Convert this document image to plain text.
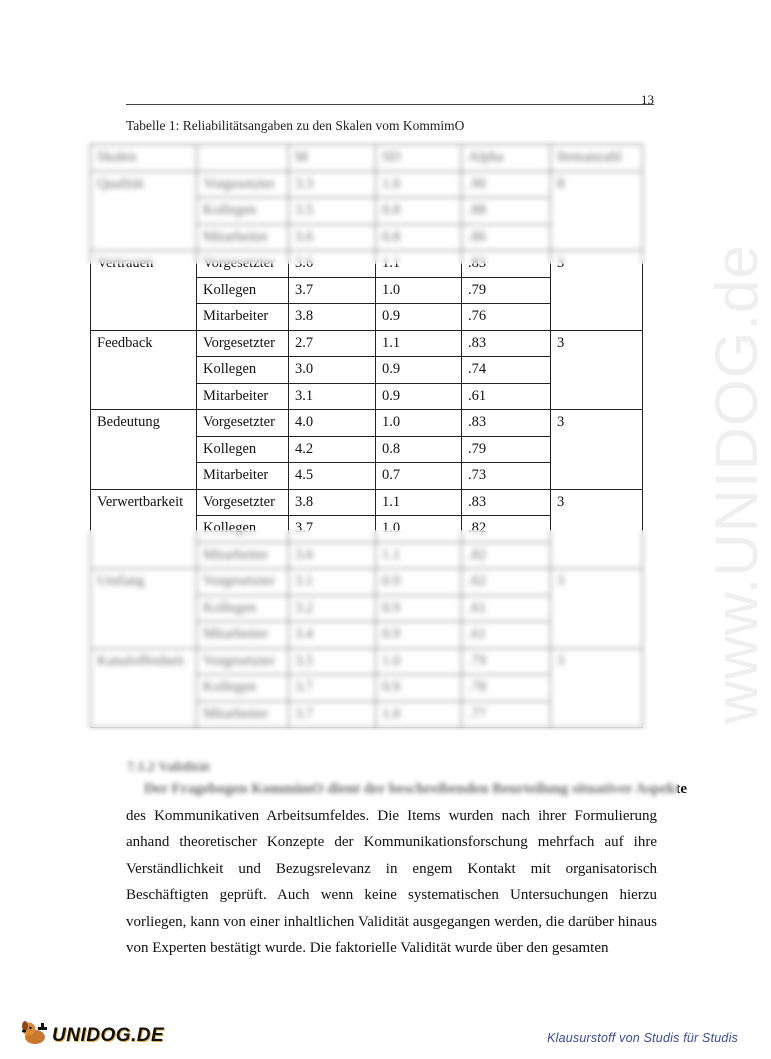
13
Tabelle 1: Reliabilitätsangaben zu den Skalen vom KommimO
Skalen		M	SD	Alpha	Itemanzahl
Qualität	Vorgesetzter	3.3	1.0	.90	8
	Kollegen	3.5	0.8	.88	
	Mitarbeiter	3.6	0.8	.86	
Vertrauen	Vorgesetzter	3.6	1.1	.83	3
	Kollegen	3.7	1.0	.79	
	Mitarbeiter	3.8	0.9	.76	
Feedback	Vorgesetzter	2.7	1.1	.83	3
	Kollegen	3.0	0.9	.74	
	Mitarbeiter	3.1	0.9	.61	
Bedeutung	Vorgesetzter	4.0	1.0	.83	3
	Kollegen	4.2	0.8	.79	
	Mitarbeiter	4.5	0.7	.73	
Verwertbarkeit	Vorgesetzter	3.8	1.1	.83	3
	Kollegen	3.7	1.0	.82	
	Mitarbeiter	3.6	1.1	.82	
Umfang	Vorgesetzter	3.1	0.9	.62	3
	Kollegen	3.2	0.9	.61	
	Mitarbeiter	3.4	0.9	.61	
Kanaloffenheit	Vorgesetzter	3.5	1.0	.79	3
	Kollegen	3.7	0.9	.78	
	Mitarbeiter	3.7	1.0	.77	
7.1.2 Validität
Der Fragebogen KommimO dient der beschreibenden Beurteilung situativer Aspekte
des Kommunikativen Arbeitsumfeldes. Die Items wurden nach ihrer Formulierung
anhand theoretischer Konzepte der Kommunikationsforschung mehrfach auf ihre
Verständlichkeit und Bezugsrelevanz in engem Kontakt mit organisatorisch
Beschäftigten geprüft. Auch wenn keine systematischen Untersuchungen hierzu
vorliegen, kann von einer inhaltlichen Validität ausgegangen werden, die darüber hinaus
von Experten bestätigt wurde. Die faktorielle Validität wurde über den gesamten
www.UNIDOG.de
UNIDOG.DE	Klausurstoff von Studis für Studis
